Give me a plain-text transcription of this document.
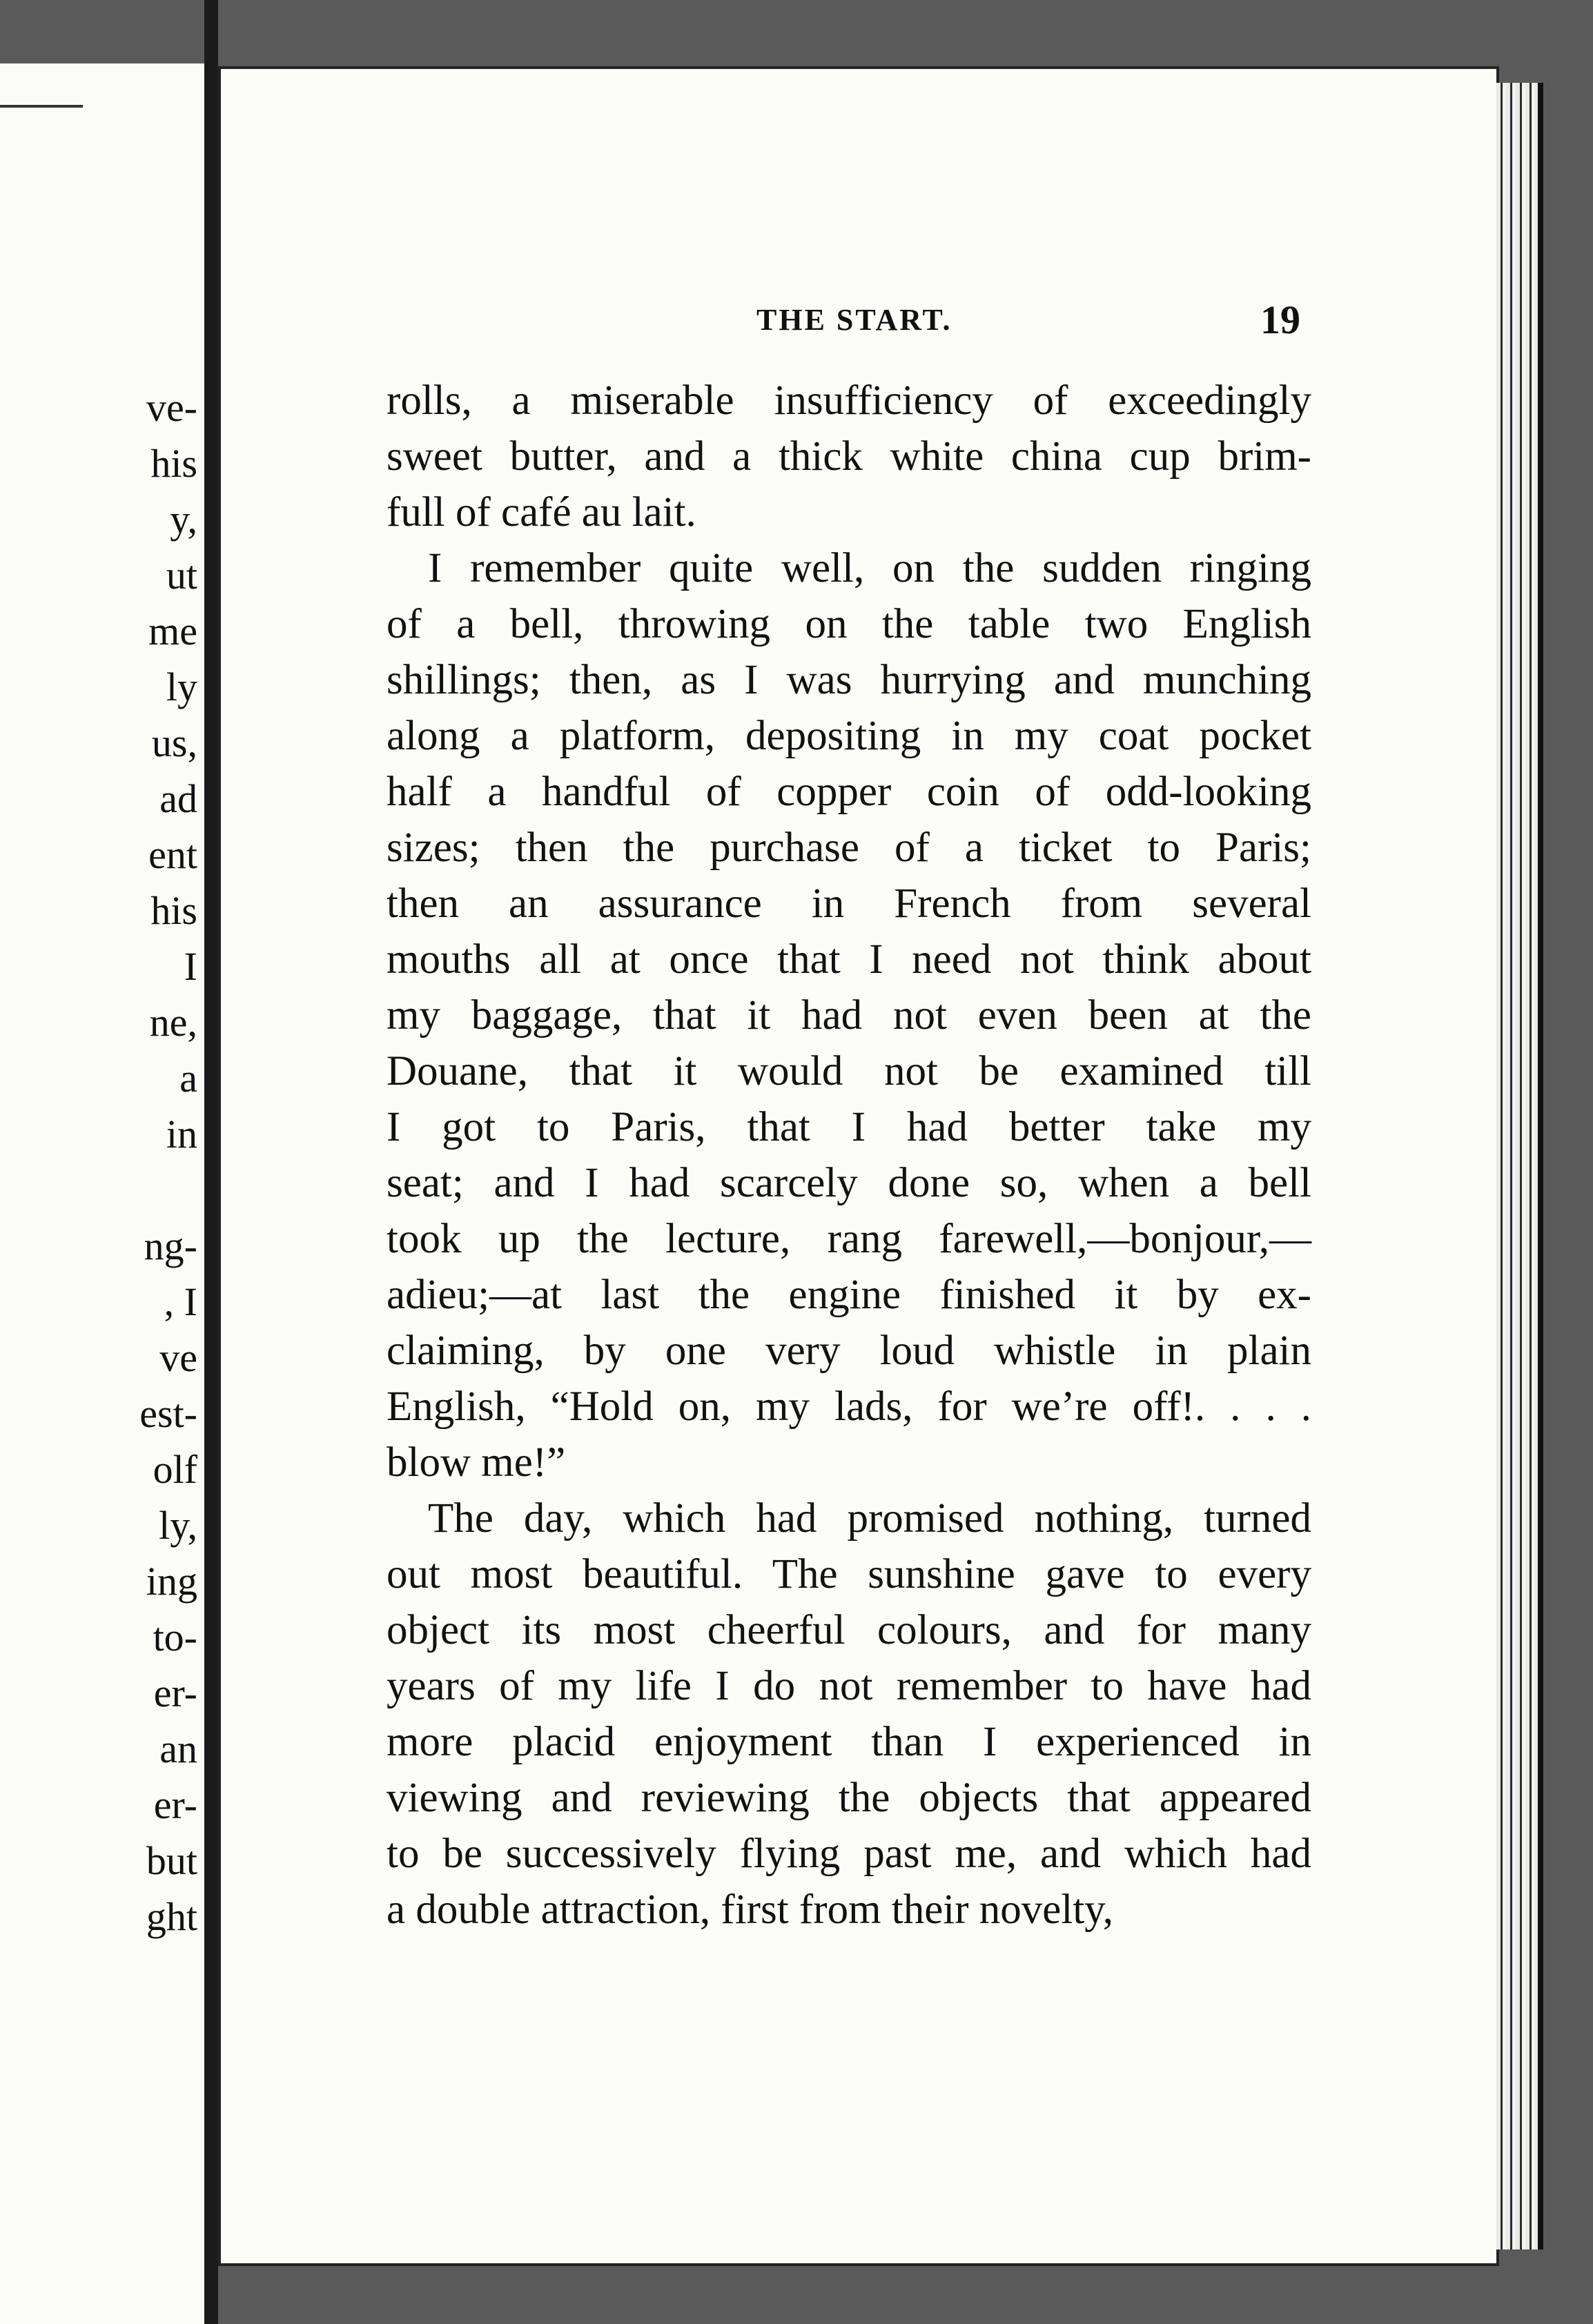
ve-
his
y,
ut
me
ly
us,
ad
ent
his
I
ne,
a
in
ng-
, I
ve
est-
olf
ly,
ing
to-
er-
an
er-
but
ght
THE START.	19
rolls, a miserable insufficiency of exceedingly
sweet butter, and a thick white china cup brim-
full of café au lait.
I remember quite well, on the sudden ringing
of a bell, throwing on the table two English
shillings; then, as I was hurrying and munching
along a platform, depositing in my coat pocket
half a handful of copper coin of odd-looking
sizes; then the purchase of a ticket to Paris;
then an assurance in French from several
mouths all at once that I need not think about
my baggage, that it had not even been at the
Douane, that it would not be examined till
I got to Paris, that I had better take my
seat; and I had scarcely done so, when a bell
took up the lecture, rang farewell,—bonjour,—
adieu;—at last the engine finished it by ex-
claiming, by one very loud whistle in plain
English, “Hold on, my lads, for we’re off!. . . .
blow me!”
The day, which had promised nothing, turned
out most beautiful. The sunshine gave to every
object its most cheerful colours, and for many
years of my life I do not remember to have had
more placid enjoyment than I experienced in
viewing and reviewing the objects that appeared
to be successively flying past me, and which had
a double attraction, first from their novelty,
